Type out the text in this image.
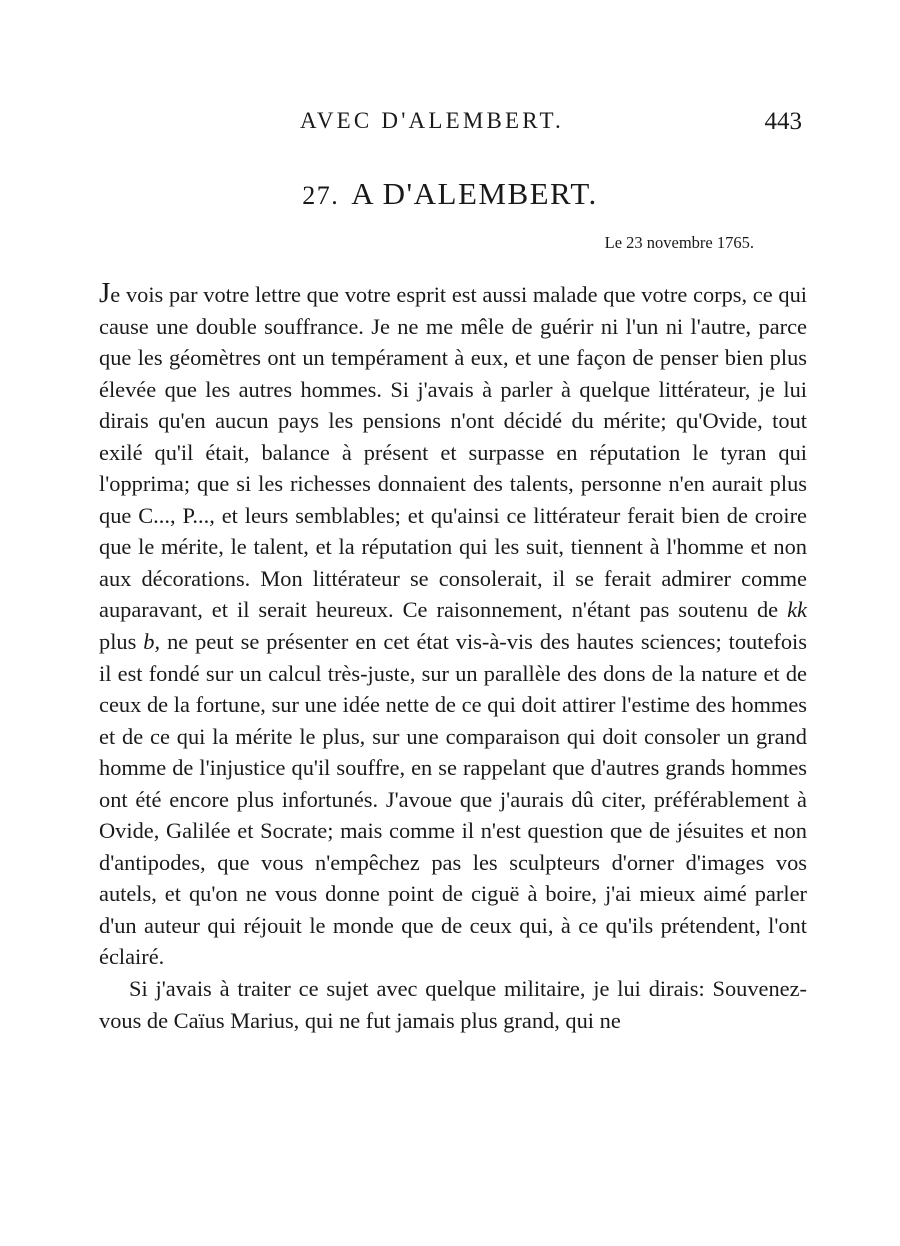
AVEC D'ALEMBERT.	443
27. A D'ALEMBERT.
Le 23 novembre 1765.

Je vois par votre lettre que votre esprit est aussi malade que votre corps, ce qui cause une double souffrance. Je ne me mêle de guérir ni l'un ni l'autre, parce que les géomètres ont un tempérament à eux, et une façon de penser bien plus élevée que les autres hommes. Si j'avais à parler à quelque littérateur, je lui dirais qu'en aucun pays les pensions n'ont décidé du mérite; qu'Ovide, tout exilé qu'il était, balance à présent et surpasse en réputation le tyran qui l'opprima; que si les richesses donnaient des talents, personne n'en aurait plus que C..., P..., et leurs semblables; et qu'ainsi ce littérateur ferait bien de croire que le mérite, le talent, et la réputation qui les suit, tiennent à l'homme et non aux décorations. Mon littérateur se consolerait, il se ferait admirer comme auparavant, et il serait heureux. Ce raisonnement, n'étant pas soutenu de kk plus b, ne peut se présenter en cet état vis-à-vis des hautes sciences; toutefois il est fondé sur un calcul très-juste, sur un parallèle des dons de la nature et de ceux de la fortune, sur une idée nette de ce qui doit attirer l'estime des hommes et de ce qui la mérite le plus, sur une comparaison qui doit consoler un grand homme de l'injustice qu'il souffre, en se rappelant que d'autres grands hommes ont été encore plus infortunés. J'avoue que j'aurais dû citer, préférablement à Ovide, Galilée et Socrate; mais comme il n'est question que de jésuites et non d'antipodes, que vous n'empêchez pas les sculpteurs d'orner d'images vos autels, et qu'on ne vous donne point de ciguë à boire, j'ai mieux aimé parler d'un auteur qui réjouit le monde que de ceux qui, à ce qu'ils prétendent, l'ont éclairé.

Si j'avais à traiter ce sujet avec quelque militaire, je lui dirais: Souvenez-vous de Caïus Marius, qui ne fut jamais plus grand, qui ne
